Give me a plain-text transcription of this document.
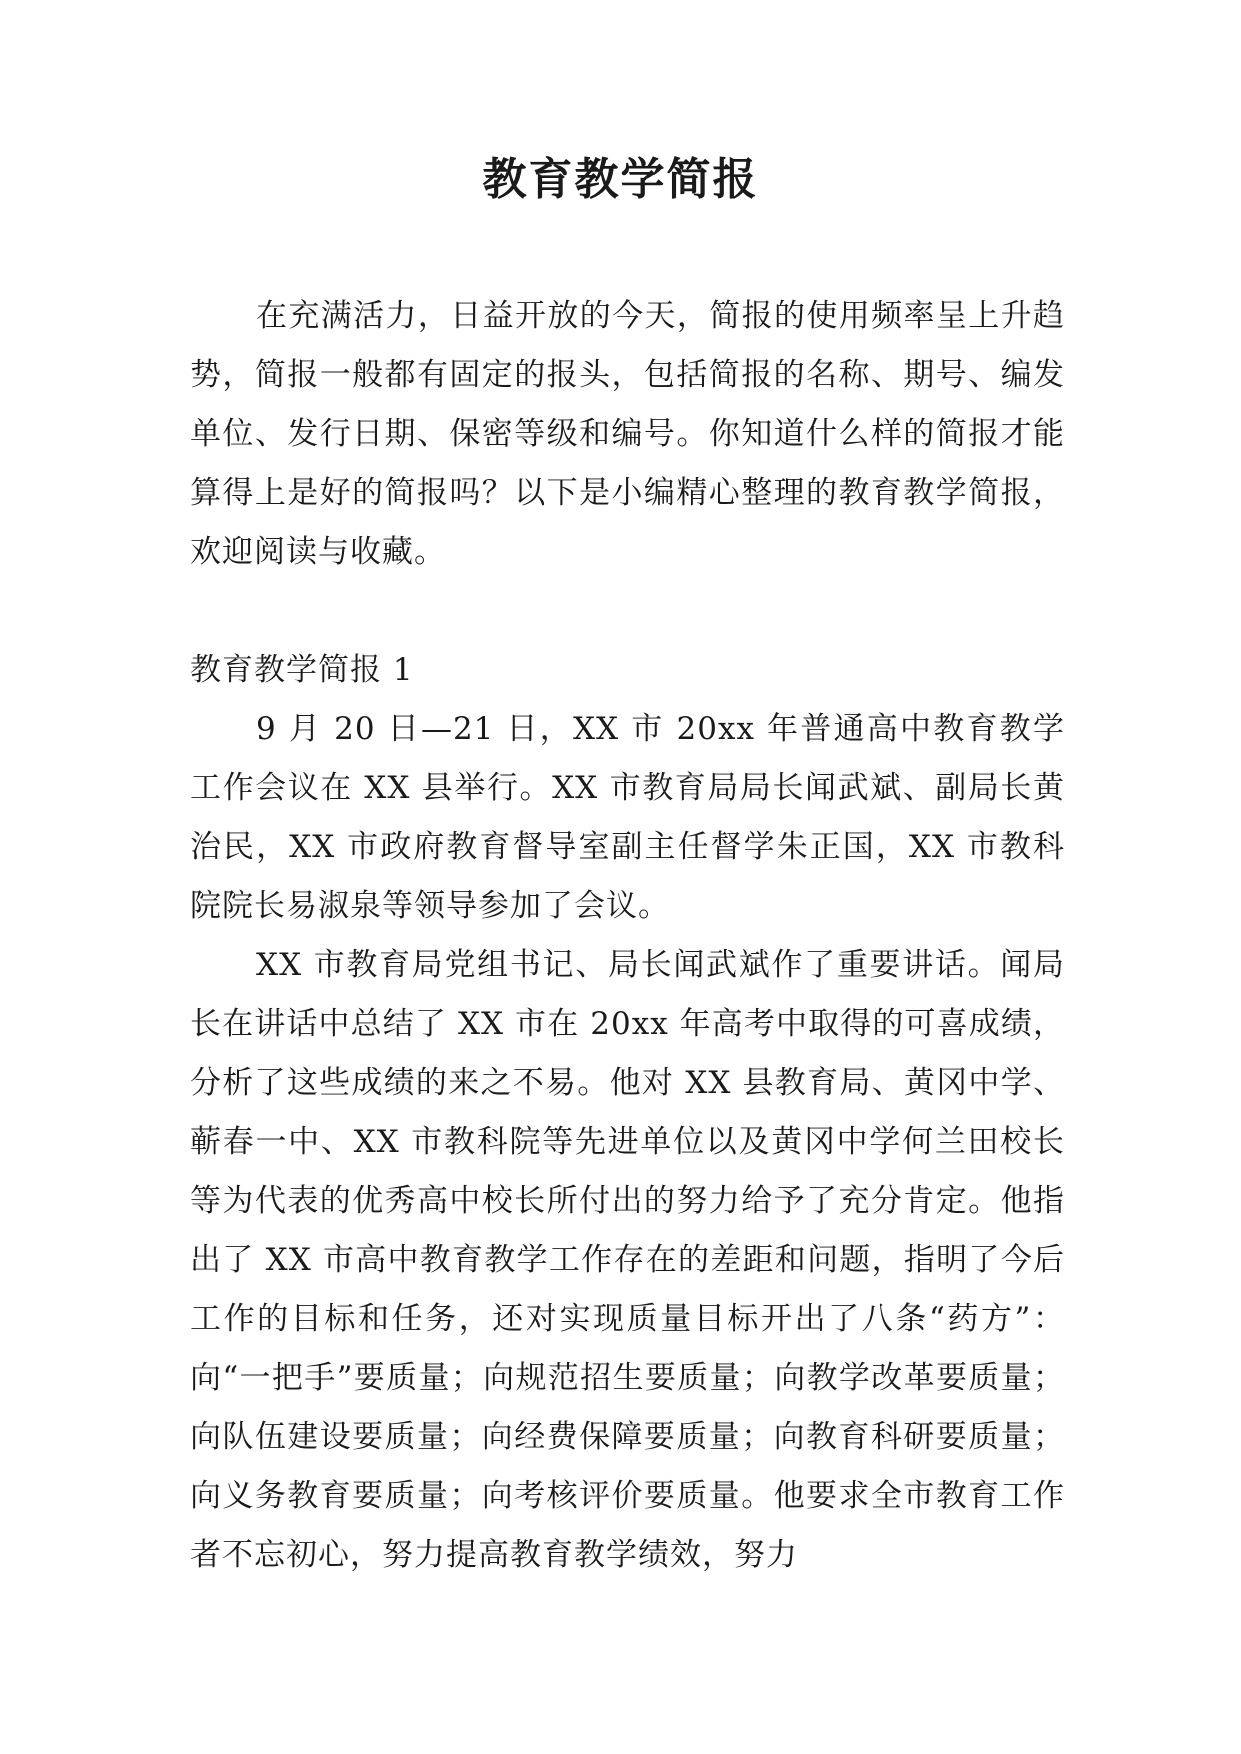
教育教学简报

在充满活力，日益开放的今天，简报的使用频率呈上升趋势，简报一般都有固定的报头，包括简报的名称、期号、编发单位、发行日期、保密等级和编号。你知道什么样的简报才能算得上是好的简报吗？以下是小编精心整理的教育教学简报，欢迎阅读与收藏。

教育教学简报 1

9 月 20 日—21 日，XX 市 20xx 年普通高中教育教学工作会议在 XX 县举行。XX 市教育局局长闻武斌、副局长黄治民，XX 市政府教育督导室副主任督学朱正国，XX 市教科院院长易淑泉等领导参加了会议。

XX 市教育局党组书记、局长闻武斌作了重要讲话。闻局长在讲话中总结了 XX 市在 20xx 年高考中取得的可喜成绩，分析了这些成绩的来之不易。他对 XX 县教育局、黄冈中学、蕲春一中、XX 市教科院等先进单位以及黄冈中学何兰田校长等为代表的优秀高中校长所付出的努力给予了充分肯定。他指出了 XX 市高中教育教学工作存在的差距和问题，指明了今后工作的目标和任务，还对实现质量目标开出了八条“药方”：向“一把手”要质量；向规范招生要质量；向教学改革要质量；向队伍建设要质量；向经费保障要质量；向教育科研要质量；向义务教育要质量；向考核评价要质量。他要求全市教育工作者不忘初心，努力提高教育教学绩效，努力
